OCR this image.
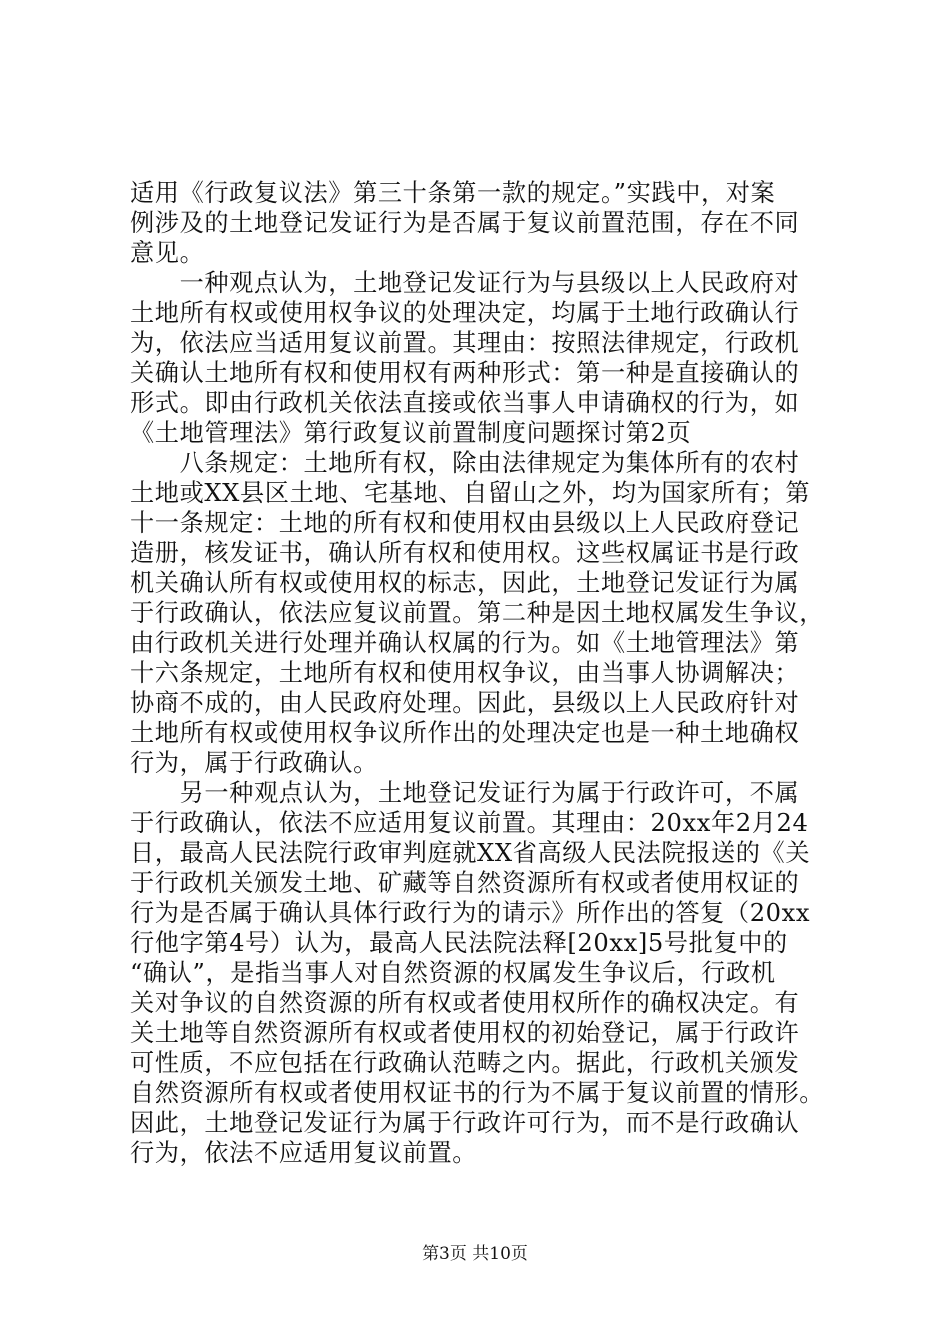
适用《行政复议法》第三十条第一款的规定。”实践中，对案
例涉及的土地登记发证行为是否属于复议前置范围，存在不同
意见。
　　一种观点认为，土地登记发证行为与县级以上人民政府对
土地所有权或使用权争议的处理决定，均属于土地行政确认行
为，依法应当适用复议前置。其理由：按照法律规定，行政机
关确认土地所有权和使用权有两种形式：第一种是直接确认的
形式。即由行政机关依法直接或依当事人申请确权的行为，如
《土地管理法》第行政复议前置制度问题探讨第2页
　　八条规定：土地所有权，除由法律规定为集体所有的农村
土地或XX县区土地、宅基地、自留山之外，均为国家所有；第
十一条规定：土地的所有权和使用权由县级以上人民政府登记
造册，核发证书，确认所有权和使用权。这些权属证书是行政
机关确认所有权或使用权的标志，因此，土地登记发证行为属
于行政确认，依法应复议前置。第二种是因土地权属发生争议，
由行政机关进行处理并确认权属的行为。如《土地管理法》第
十六条规定，土地所有权和使用权争议，由当事人协调解决；
协商不成的，由人民政府处理。因此，县级以上人民政府针对
土地所有权或使用权争议所作出的处理决定也是一种土地确权
行为，属于行政确认。
　　另一种观点认为，土地登记发证行为属于行政许可，不属
于行政确认，依法不应适用复议前置。其理由：20xx年2月24
日，最高人民法院行政审判庭就XX省高级人民法院报送的《关
于行政机关颁发土地、矿藏等自然资源所有权或者使用权证的
行为是否属于确认具体行政行为的请示》所作出的答复（20xx
行他字第4号）认为，最高人民法院法释[20xx]5号批复中的
“确认”，是指当事人对自然资源的权属发生争议后，行政机
关对争议的自然资源的所有权或者使用权所作的确权决定。有
关土地等自然资源所有权或者使用权的初始登记，属于行政许
可性质，不应包括在行政确认范畴之内。据此，行政机关颁发
自然资源所有权或者使用权证书的行为不属于复议前置的情形。
因此，土地登记发证行为属于行政许可行为，而不是行政确认
行为，依法不应适用复议前置。
第3页 共10页
